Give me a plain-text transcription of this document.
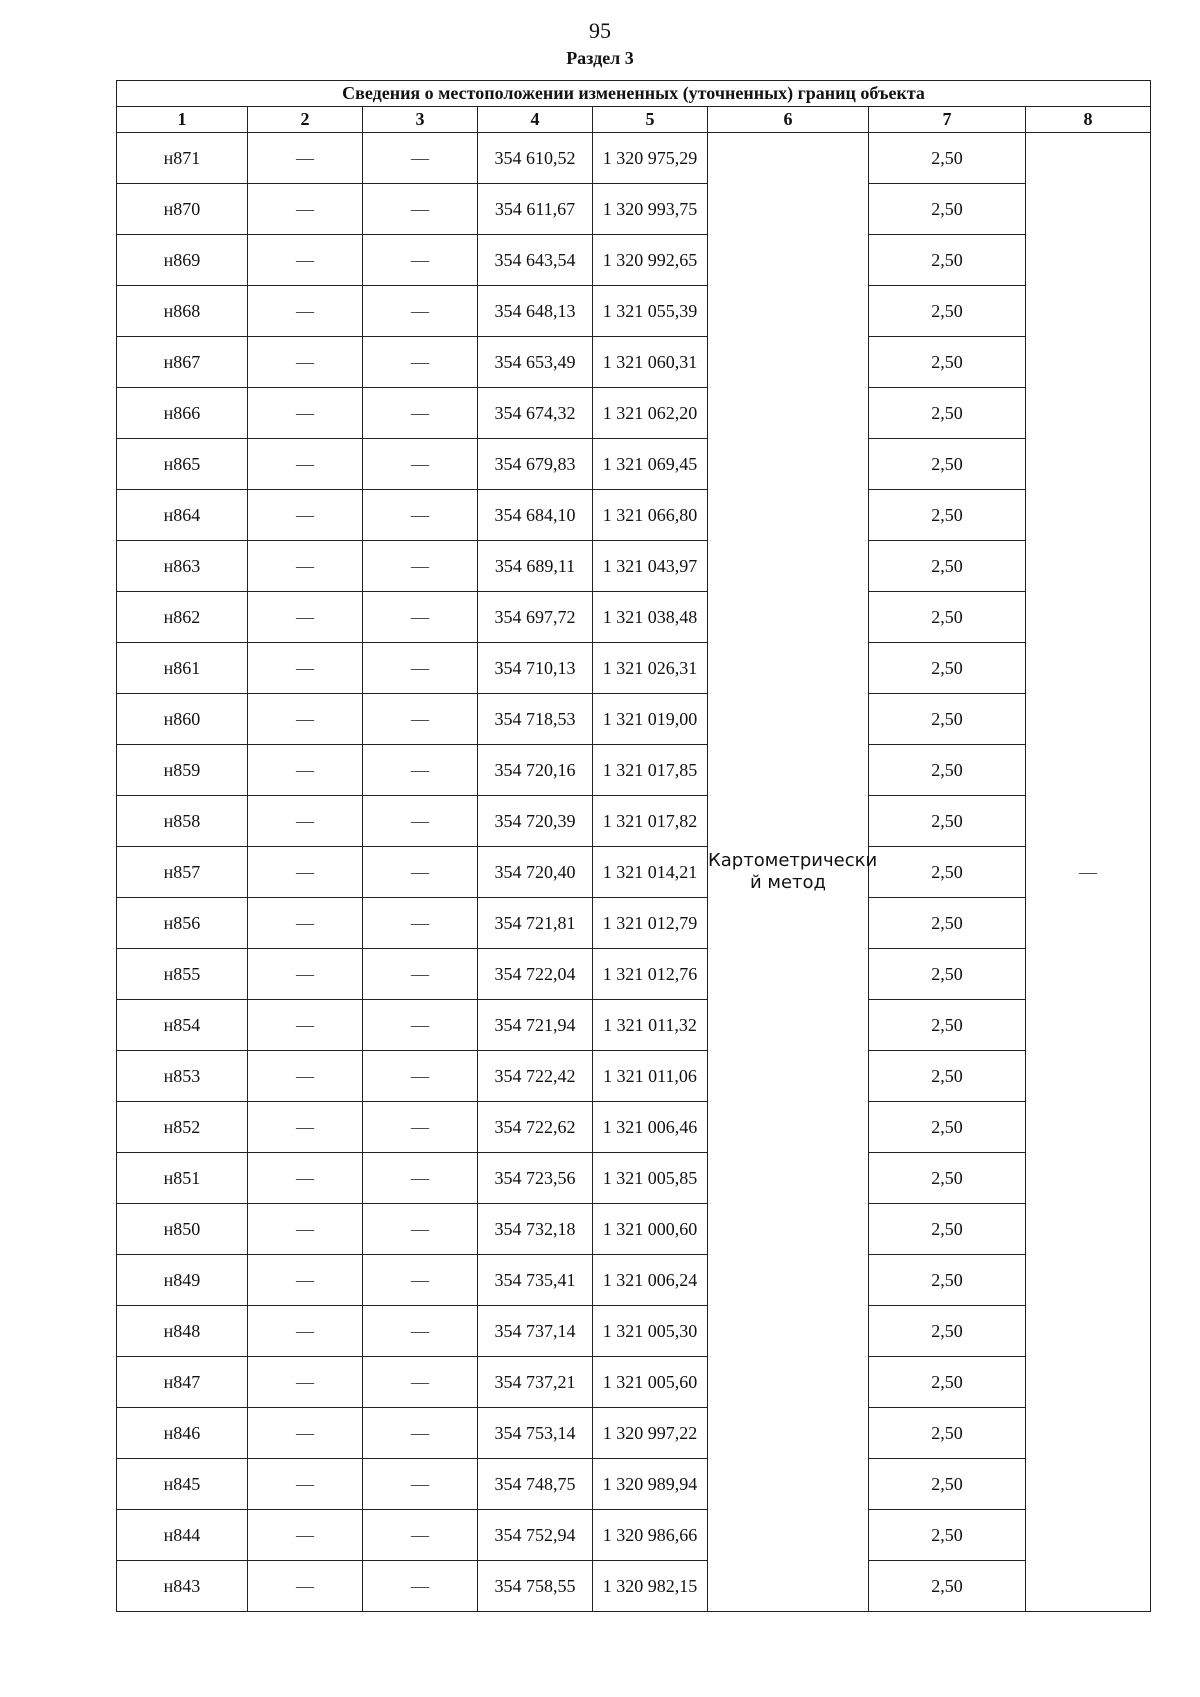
95
Раздел 3
Сведения о местоположении измененных (уточненных) границ объекта							
1	2	3	4	5	6	7	8
н871	—	—	354 610,52	1 320 975,29	Картометрически й метод	2,50	—
н870	—	—	354 611,67	1 320 993,75		2,50	
н869	—	—	354 643,54	1 320 992,65		2,50	
н868	—	—	354 648,13	1 321 055,39		2,50	
н867	—	—	354 653,49	1 321 060,31		2,50	
н866	—	—	354 674,32	1 321 062,20		2,50	
н865	—	—	354 679,83	1 321 069,45		2,50	
н864	—	—	354 684,10	1 321 066,80		2,50	
н863	—	—	354 689,11	1 321 043,97		2,50	
н862	—	—	354 697,72	1 321 038,48		2,50	
н861	—	—	354 710,13	1 321 026,31		2,50	
н860	—	—	354 718,53	1 321 019,00		2,50	
н859	—	—	354 720,16	1 321 017,85		2,50	
н858	—	—	354 720,39	1 321 017,82		2,50	
н857	—	—	354 720,40	1 321 014,21		2,50	
н856	—	—	354 721,81	1 321 012,79		2,50	
н855	—	—	354 722,04	1 321 012,76		2,50	
н854	—	—	354 721,94	1 321 011,32		2,50	
н853	—	—	354 722,42	1 321 011,06		2,50	
н852	—	—	354 722,62	1 321 006,46		2,50	
н851	—	—	354 723,56	1 321 005,85		2,50	
н850	—	—	354 732,18	1 321 000,60		2,50	
н849	—	—	354 735,41	1 321 006,24		2,50	
н848	—	—	354 737,14	1 321 005,30		2,50	
н847	—	—	354 737,21	1 321 005,60		2,50	
н846	—	—	354 753,14	1 320 997,22		2,50	
н845	—	—	354 748,75	1 320 989,94		2,50	
н844	—	—	354 752,94	1 320 986,66		2,50	
н843	—	—	354 758,55	1 320 982,15		2,50	
